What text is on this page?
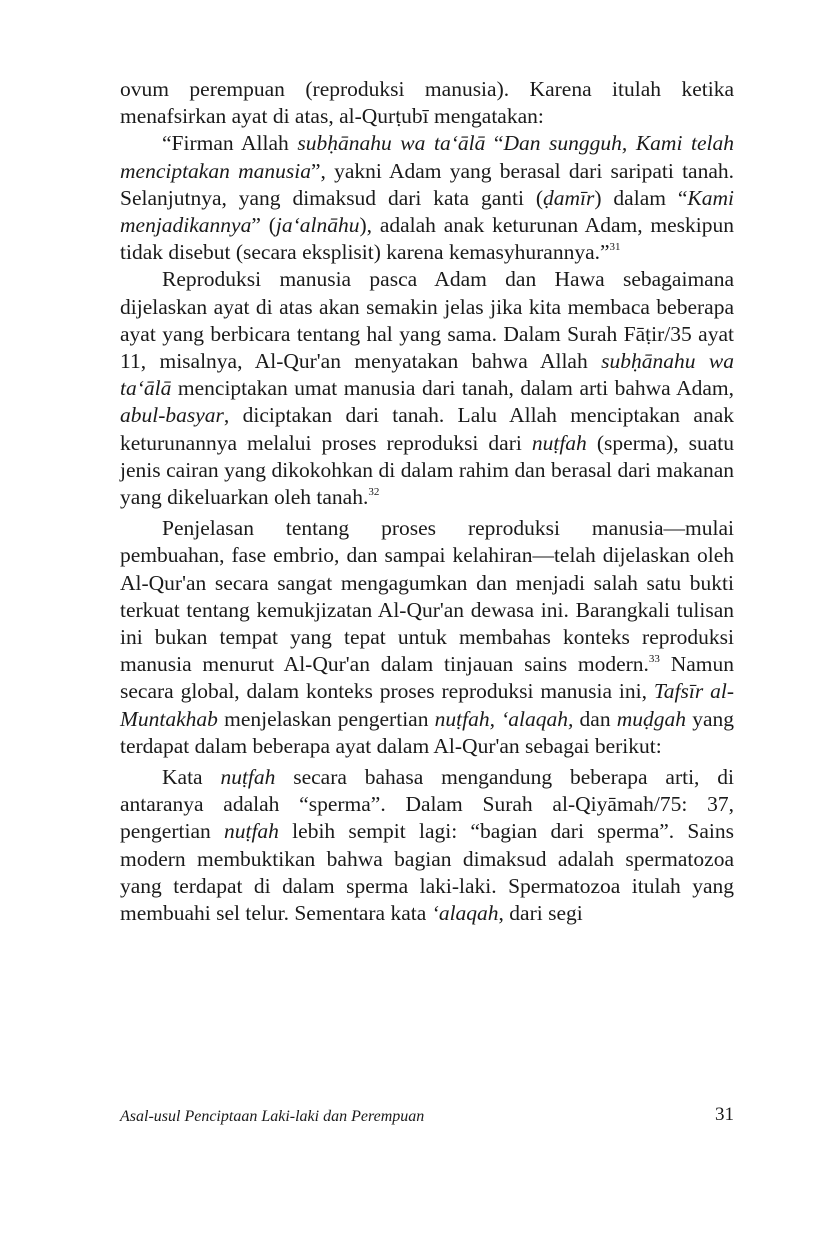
ovum perempuan (reproduksi manusia). Karena itulah ketika menafsirkan ayat di atas, al-Qurṭubī mengatakan:

“Firman Allah subḥānahu wa ta‘ālā “Dan sungguh, Kami telah menciptakan manusia”, yakni Adam yang berasal dari saripati tanah. Selanjutnya, yang dimaksud dari kata ganti (ḍamīr) dalam “Kami menjadikannya” (ja‘alnāhu), adalah anak keturunan Adam, meskipun tidak disebut (secara eksplisit) karena kemasyhurannya.”$^{31}$

Reproduksi manusia pasca Adam dan Hawa sebagaimana dijelaskan ayat di atas akan semakin jelas jika kita membaca beberapa ayat yang berbicara tentang hal yang sama. Dalam Surah Fāṭir/35 ayat 11, misalnya, Al-Qur'an menyatakan bahwa Allah subḥānahu wa ta‘ālā menciptakan umat manusia dari tanah, dalam arti bahwa Adam, abul-basyar, diciptakan dari tanah. Lalu Allah menciptakan anak keturunannya melalui proses reproduksi dari nuṭfah (sperma), suatu jenis cairan yang dikokohkan di dalam rahim dan berasal dari makanan yang dikeluarkan oleh tanah.$^{32}$

Penjelasan tentang proses reproduksi manusia—mulai pembuahan, fase embrio, dan sampai kelahiran—telah dijelaskan oleh Al-Qur'an secara sangat mengagumkan dan menjadi salah satu bukti terkuat tentang kemukjizatan Al-Qur'an dewasa ini. Barangkali tulisan ini bukan tempat yang tepat untuk membahas konteks reproduksi manusia menurut Al-Qur'an dalam tinjauan sains modern.$^{33}$ Namun secara global, dalam konteks proses reproduksi manusia ini, Tafsīr al-Muntakhab menjelaskan pengertian nuṭfah, ‘alaqah, dan muḍgah yang terdapat dalam beberapa ayat dalam Al-Qur'an sebagai berikut:

Kata nuṭfah secara bahasa mengandung beberapa arti, di antaranya adalah “sperma”. Dalam Surah al-Qiyāmah/75: 37, pengertian nuṭfah lebih sempit lagi: “bagian dari sperma”. Sains modern membuktikan bahwa bagian dimaksud adalah spermatozoa yang terdapat di dalam sperma laki-laki. Spermatozoa itulah yang membuahi sel telur. Sementara kata ‘alaqah, dari segi

Asal-usul Penciptaan Laki-laki dan Perempuan	31
